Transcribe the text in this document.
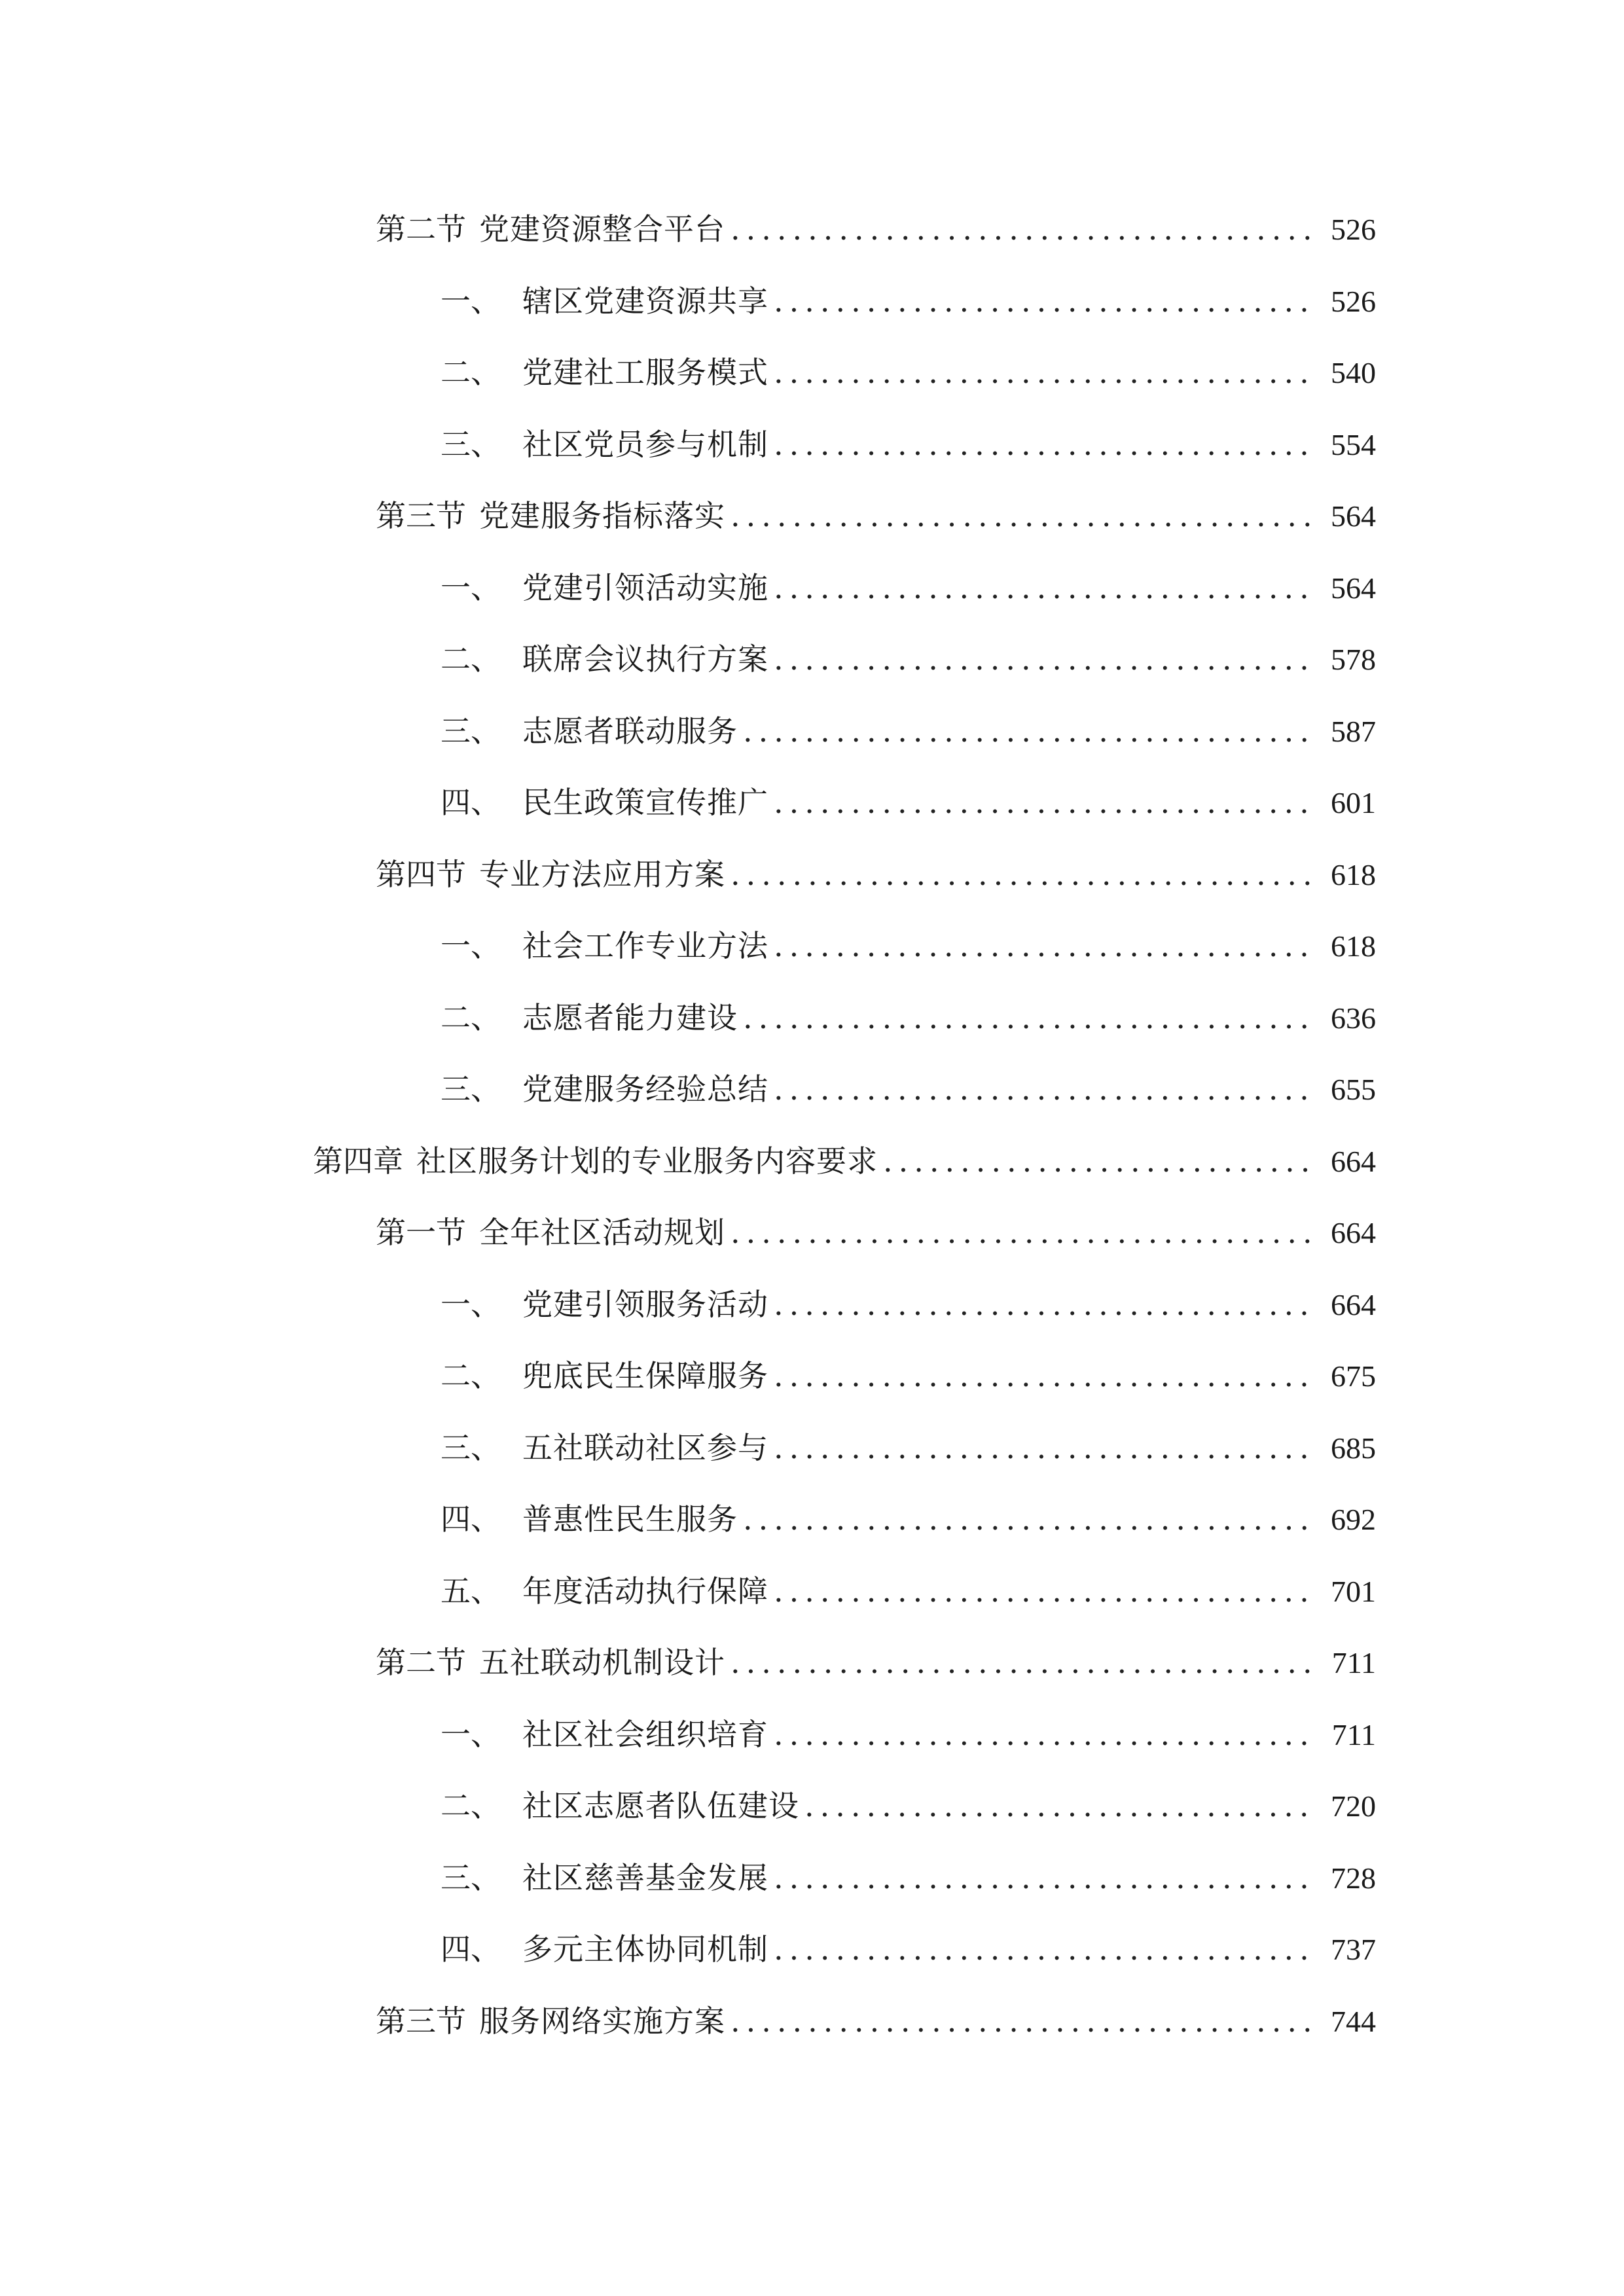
第二节 党建资源整合平台 .....	526
一、 辖区党建资源共享 .....	526
二、 党建社工服务模式 .....	540
三、 社区党员参与机制 .....	554
第三节 党建服务指标落实 .....	564
一、 党建引领活动实施 .....	564
二、 联席会议执行方案 .....	578
三、 志愿者联动服务 .....	587
四、 民生政策宣传推广 .....	601
第四节 专业方法应用方案 .....	618
一、 社会工作专业方法 .....	618
二、 志愿者能力建设 .....	636
三、 党建服务经验总结 .....	655
第四章 社区服务计划的专业服务内容要求 .....	664
第一节 全年社区活动规划 .....	664
一、 党建引领服务活动 .....	664
二、 兜底民生保障服务 .....	675
三、 五社联动社区参与 .....	685
四、 普惠性民生服务 .....	692
五、 年度活动执行保障 .....	701
第二节 五社联动机制设计 .....	711
一、 社区社会组织培育 .....	711
二、 社区志愿者队伍建设 .....	720
三、 社区慈善基金发展 .....	728
四、 多元主体协同机制 .....	737
第三节 服务网络实施方案 .....	744
